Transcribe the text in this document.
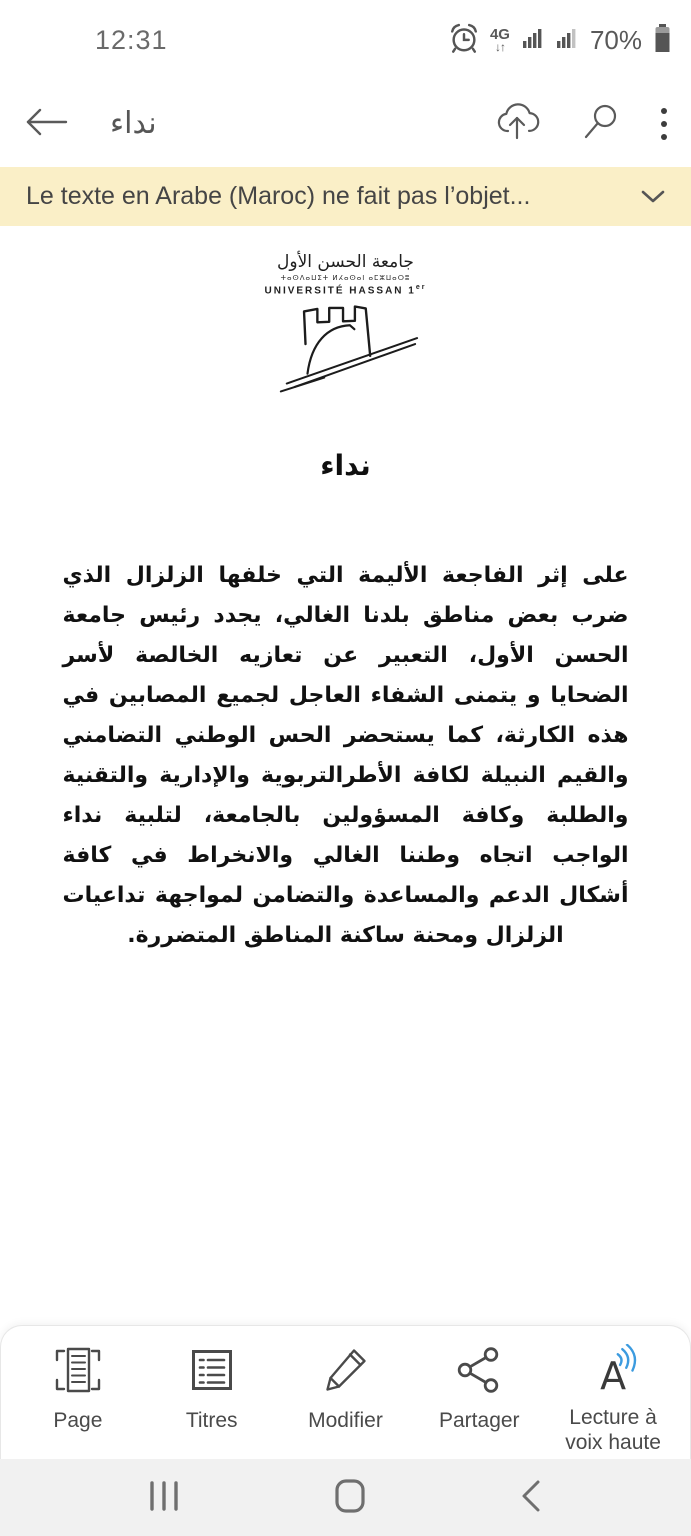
12:31	4G
↓↑	70%
نداء
Le texte en Arabe (Maroc) ne fait pas l’objet...
جامعة الحسن الأول
ⵜⴰⵙⴷⴰⵡⵉⵜ ⵍⵃⴰⵙⴰⵏ ⴰⵎⵣⵡⴰⵔⵓ
UNIVERSITÉ HASSAN 1er
نداء

على إثر الفاجعة الأليمة التي خلفها الزلزال الذي ضرب بعض مناطق بلدنا الغالي، يجدد رئيس جامعة الحسن الأول، التعبير عن تعازيه الخالصة لأسر الضحايا و يتمنى الشفاء العاجل لجميع المصابين في هذه الكارثة، كما يستحضر الحس الوطني التضامني والقيم النبيلة لكافة الأطرالتربوية والإدارية والتقنية والطلبة وكافة المسؤولين بالجامعة، لتلبية نداء الواجب اتجاه وطننا الغالي والانخراط في كافة أشكال الدعم والمساعدة والتضامن لمواجهة تداعيات الزلزال ومحنة ساكنة المناطق المتضررة.

Page	Titres	Modifier	Partager
A
Lecture à voix haute
